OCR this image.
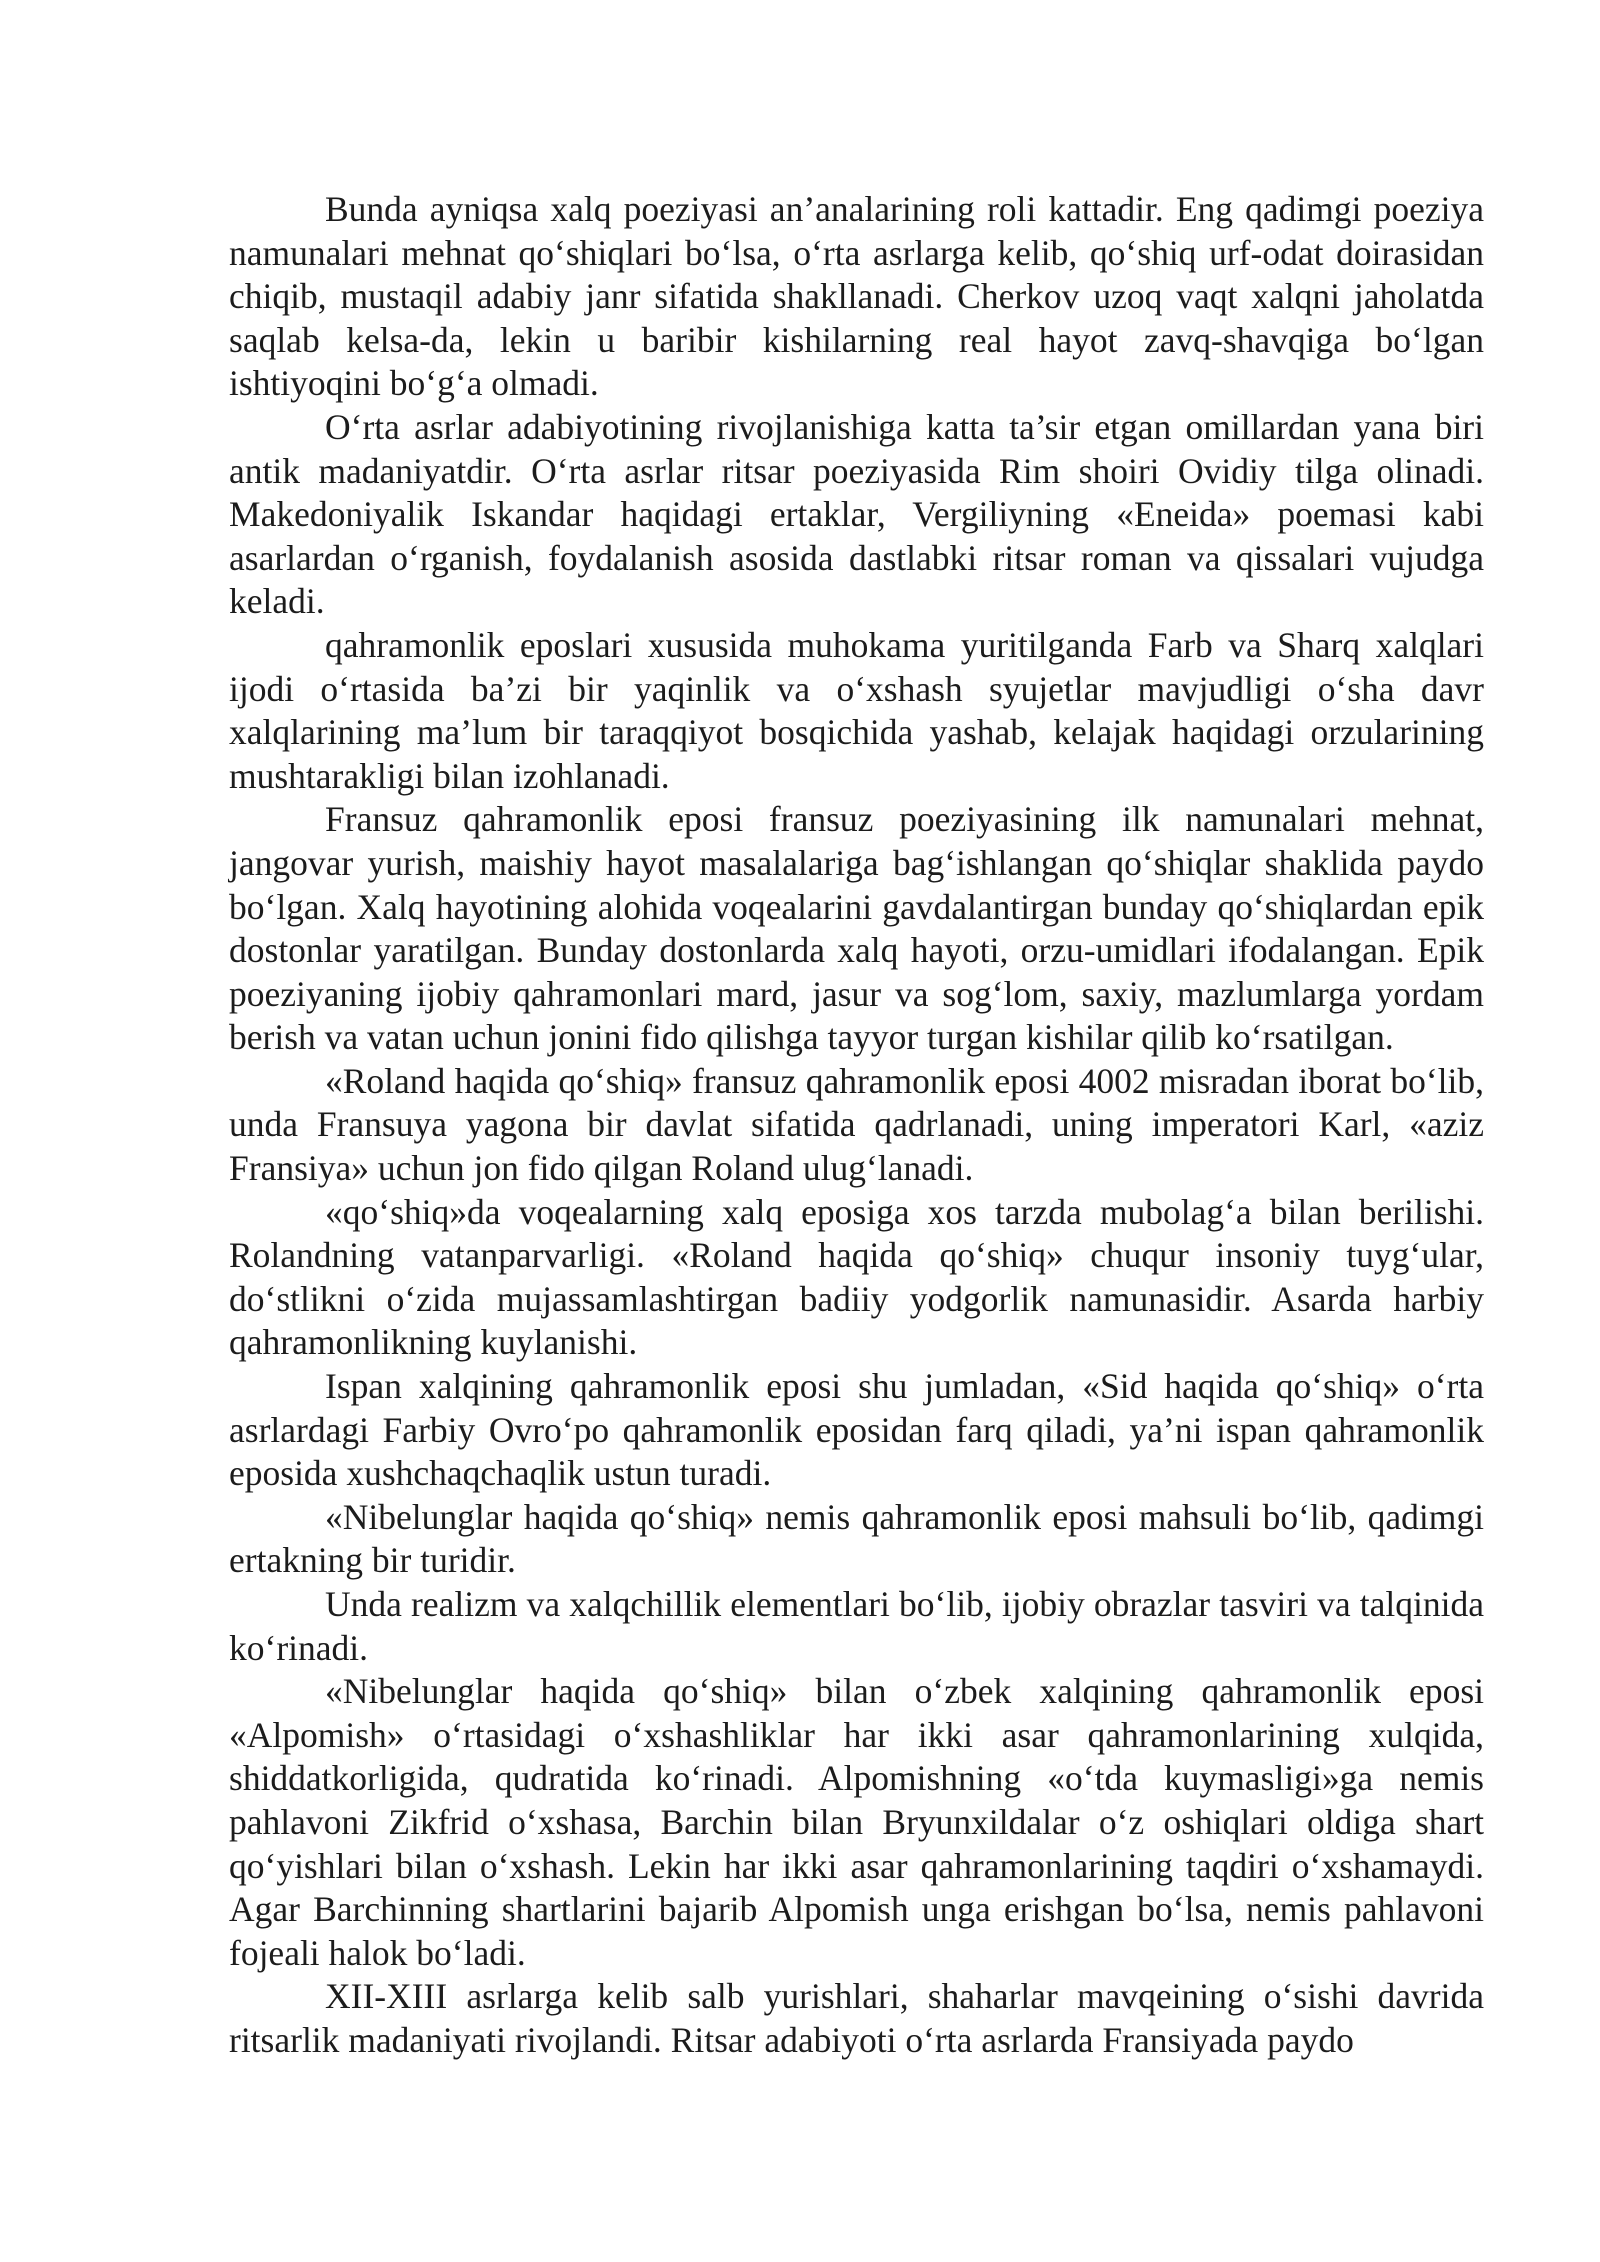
Bunda ayniqsa xalq poeziyasi an’analarining roli kattadir. Eng qadimgi poeziya namunalari mehnat qo‘shiqlari bo‘lsa, o‘rta asrlarga kelib, qo‘shiq urf-odat doirasidan chiqib, mustaqil adabiy janr sifatida shakllanadi. Cherkov uzoq vaqt xalqni jaholatda saqlab kelsa-da, lekin u baribir kishilarning real hayot zavq-shavqiga bo‘lgan ishtiyoqini bo‘g‘a olmadi.

O‘rta asrlar adabiyotining rivojlanishiga katta ta’sir etgan omillardan yana biri antik madaniyatdir. O‘rta asrlar ritsar poeziyasida Rim shoiri Ovidiy tilga olinadi. Makedoniyalik Iskandar haqidagi ertaklar, Vergiliyning «Eneida» poemasi kabi asarlardan o‘rganish, foydalanish asosida dastlabki ritsar roman va qissalari vujudga keladi.

qahramonlik eposlari xususida muhokama yuritilganda Farb va Sharq xalqlari ijodi o‘rtasida ba’zi bir yaqinlik va o‘xshash syujetlar mavjudligi o‘sha davr xalqlarining ma’lum bir taraqqiyot bosqichida yashab, kelajak haqidagi orzularining mushtarakligi bilan izohlanadi.

Fransuz qahramonlik eposi fransuz poeziyasining ilk namunalari mehnat, jangovar yurish, maishiy hayot masalalariga bag‘ishlangan qo‘shiqlar shaklida paydo bo‘lgan. Xalq hayotining alohida voqealarini gavdalantirgan bunday qo‘shiqlardan epik dostonlar yaratilgan. Bunday dostonlarda xalq hayoti, orzu-umidlari ifodalangan. Epik poeziyaning ijobiy qahramonlari mard, jasur va sog‘lom, saxiy, mazlumlarga yordam berish va vatan uchun jonini fido qilishga tayyor turgan kishilar qilib ko‘rsatilgan.

«Roland haqida qo‘shiq» fransuz qahramonlik eposi 4002 misradan iborat bo‘lib, unda Fransuya yagona bir davlat sifatida qadrlanadi, uning imperatori Karl, «aziz Fransiya» uchun jon fido qilgan Roland ulug‘lanadi.

«qo‘shiq»da voqealarning xalq eposiga xos tarzda mubolag‘a bilan berilishi. Rolandning vatanparvarligi. «Roland haqida qo‘shiq» chuqur insoniy tuyg‘ular, do‘stlikni o‘zida mujassamlashtirgan badiiy yodgorlik namunasidir. Asarda harbiy qahramonlikning kuylanishi.

Ispan xalqining qahramonlik eposi shu jumladan, «Sid haqida qo‘shiq» o‘rta asrlardagi Farbiy Ovro‘po qahramonlik eposidan farq qiladi, ya’ni ispan qahramonlik eposida xushchaqchaqlik ustun turadi.

«Nibelunglar haqida qo‘shiq» nemis qahramonlik eposi mahsuli bo‘lib, qadimgi ertakning bir turidir.

Unda realizm va xalqchillik elementlari bo‘lib, ijobiy obrazlar tasviri va talqinida ko‘rinadi.

«Nibelunglar haqida qo‘shiq» bilan o‘zbek xalqining qahramonlik eposi «Alpomish» o‘rtasidagi o‘xshashliklar har ikki asar qahramonlarining xulqida, shiddatkorligida, qudratida ko‘rinadi. Alpomishning «o‘tda kuymasligi»ga nemis pahlavoni Zikfrid o‘xshasa, Barchin bilan Bryunxildalar o‘z oshiqlari oldiga shart qo‘yishlari bilan o‘xshash. Lekin har ikki asar qahramonlarining taqdiri o‘xshamaydi. Agar Barchinning shartlarini bajarib Alpomish unga erishgan bo‘lsa, nemis pahlavoni fojeali halok bo‘ladi.

XII-XIII asrlarga kelib salb yurishlari, shaharlar mavqeining o‘sishi davrida ritsarlik madaniyati rivojlandi. Ritsar adabiyoti o‘rta asrlarda Fransiyada paydo
